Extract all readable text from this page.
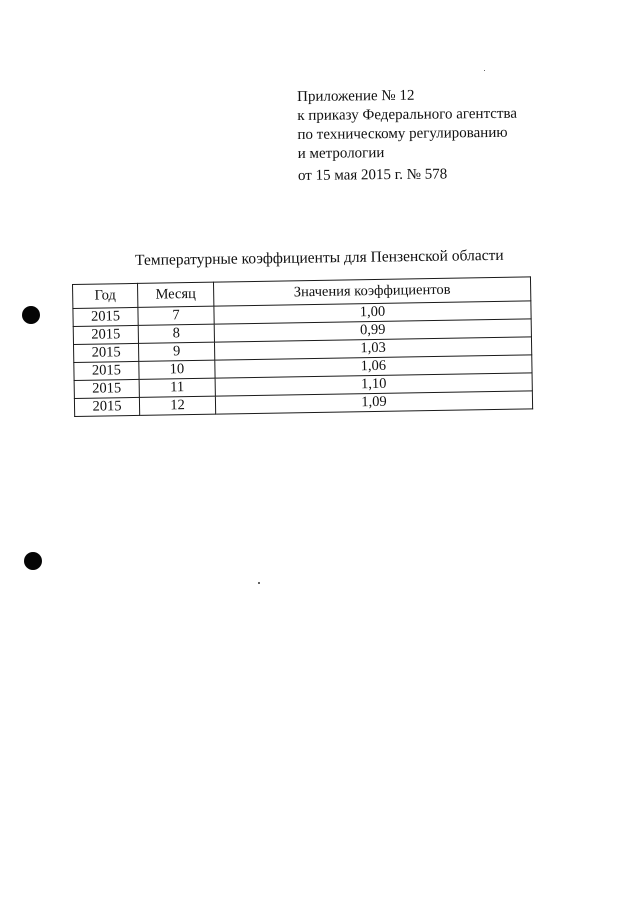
Приложение № 12
к приказу Федерального агентства
по техническому регулированию
и метрологии
от 15 мая 2015 г. № 578
Температурные коэффициенты для Пензенской области
Год	Месяц	Значения коэффициентов
2015	7	1,00
2015	8	0,99
2015	9	1,03
2015	10	1,06
2015	11	1,10
2015	12	1,09
